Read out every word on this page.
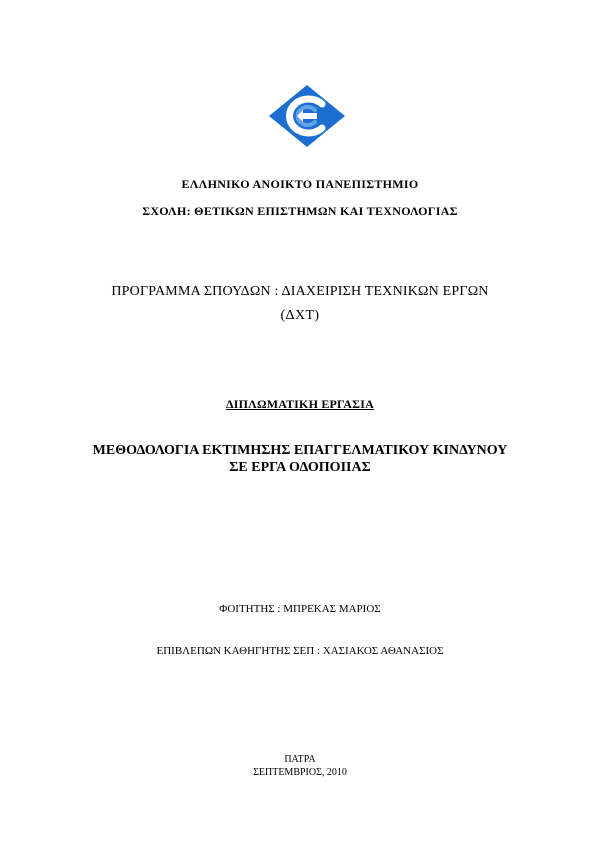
ΕΛΛΗΝΙΚΟ ΑΝΟΙΚΤΟ ΠΑΝΕΠΙΣΤΗΜΙΟ
ΣΧΟΛΗ: ΘΕΤΙΚΩΝ ΕΠΙΣΤΗΜΩΝ ΚΑΙ ΤΕΧΝΟΛΟΓΙΑΣ
ΠΡΟΓΡΑΜΜΑ ΣΠΟΥΔΩΝ : ΔΙΑΧΕΙΡΙΣΗ ΤΕΧΝΙΚΩΝ ΕΡΓΩΝ
(ΔΧΤ)
ΔΙΠΛΩΜΑΤΙΚΗ ΕΡΓΑΣΙΑ
ΜΕΘΟΔΟΛΟΓΙΑ ΕΚΤΙΜΗΣΗΣ ΕΠΑΓΓΕΛΜΑΤΙΚΟΥ ΚΙΝΔΥΝΟΥ
ΣΕ ΕΡΓΑ ΟΔΟΠΟΙΙΑΣ
ΦΟΙΤΗΤΗΣ : ΜΠΡΕΚΑΣ ΜΑΡΙΟΣ
ΕΠΙΒΛΕΠΩΝ ΚΑΘΗΓΗΤΗΣ ΣΕΠ : ΧΑΣΙΑΚΟΣ ΑΘΑΝΑΣΙΟΣ
ΠΑΤΡΑ
ΣΕΠΤΕΜΒΡΙΟΣ, 2010
